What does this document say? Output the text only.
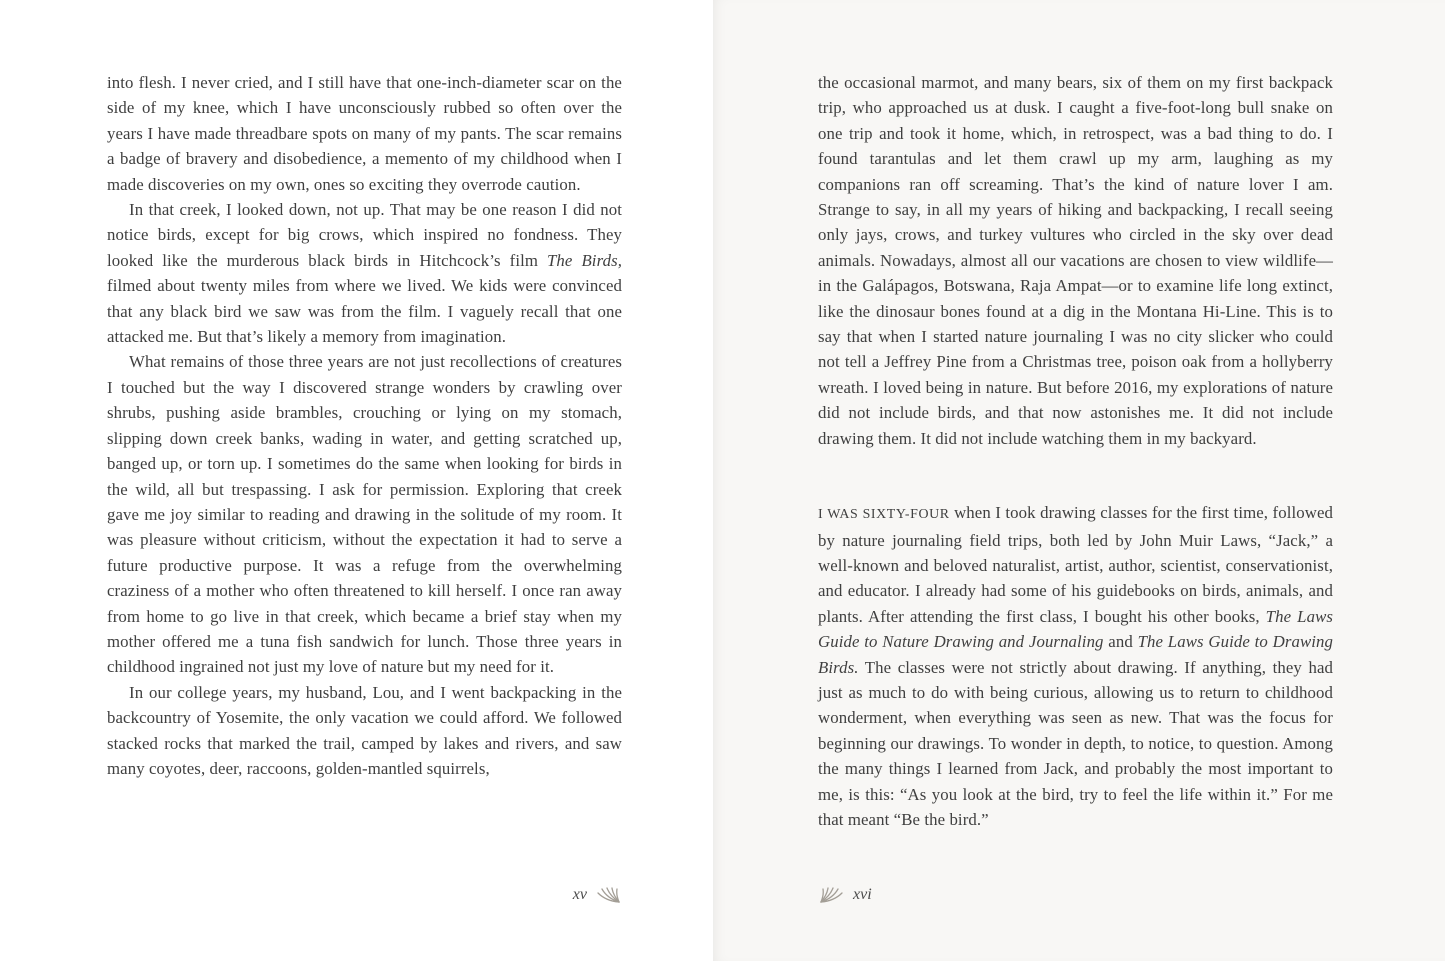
into flesh. I never cried, and I still have that one-inch-diameter scar on the side of my knee, which I have unconsciously rubbed so often over the years I have made threadbare spots on many of my pants. The scar remains a badge of bravery and disobedience, a memento of my childhood when I made discoveries on my own, ones so exciting they overrode caution.

In that creek, I looked down, not up. That may be one reason I did not notice birds, except for big crows, which inspired no fondness. They looked like the murderous black birds in Hitchcock’s film The Birds, filmed about twenty miles from where we lived. We kids were convinced that any black bird we saw was from the film. I vaguely recall that one attacked me. But that’s likely a memory from imagination.

What remains of those three years are not just recollections of creatures I touched but the way I discovered strange wonders by crawling over shrubs, pushing aside brambles, crouching or lying on my stomach, slipping down creek banks, wading in water, and getting scratched up, banged up, or torn up. I sometimes do the same when looking for birds in the wild, all but trespassing. I ask for permission. Exploring that creek gave me joy similar to reading and drawing in the solitude of my room. It was pleasure without criticism, without the expectation it had to serve a future productive purpose. It was a refuge from the overwhelming craziness of a mother who often threatened to kill herself. I once ran away from home to go live in that creek, which became a brief stay when my mother offered me a tuna fish sandwich for lunch. Those three years in childhood ingrained not just my love of nature but my need for it.

In our college years, my husband, Lou, and I went backpacking in the backcountry of Yosemite, the only vacation we could afford. We followed stacked rocks that marked the trail, camped by lakes and rivers, and saw many coyotes, deer, raccoons, golden-mantled squirrels,

xv

the occasional marmot, and many bears, six of them on my first backpack trip, who approached us at dusk. I caught a five-foot-long bull snake on one trip and took it home, which, in retrospect, was a bad thing to do. I found tarantulas and let them crawl up my arm, laughing as my companions ran off screaming. That’s the kind of nature lover I am. Strange to say, in all my years of hiking and backpacking, I recall seeing only jays, crows, and turkey vultures who circled in the sky over dead animals. Nowadays, almost all our vacations are chosen to view wildlife—in the Galápagos, Botswana, Raja Ampat—or to examine life long extinct, like the dinosaur bones found at a dig in the Montana Hi-Line. This is to say that when I started nature journaling I was no city slicker who could not tell a Jeffrey Pine from a Christmas tree, poison oak from a hollyberry wreath. I loved being in nature. But before 2016, my explorations of nature did not include birds, and that now astonishes me. It did not include drawing them. It did not include watching them in my backyard.

I WAS SIXTY-FOUR when I took drawing classes for the first time, followed by nature journaling field trips, both led by John Muir Laws, “Jack,” a well-known and beloved naturalist, artist, author, scientist, conservationist, and educator. I already had some of his guidebooks on birds, animals, and plants. After attending the first class, I bought his other books, The Laws Guide to Nature Drawing and Journaling and The Laws Guide to Drawing Birds. The classes were not strictly about drawing. If anything, they had just as much to do with being curious, allowing us to return to childhood wonderment, when everything was seen as new. That was the focus for beginning our drawings. To wonder in depth, to notice, to question. Among the many things I learned from Jack, and probably the most important to me, is this: “As you look at the bird, try to feel the life within it.” For me that meant “Be the bird.”

xvi
